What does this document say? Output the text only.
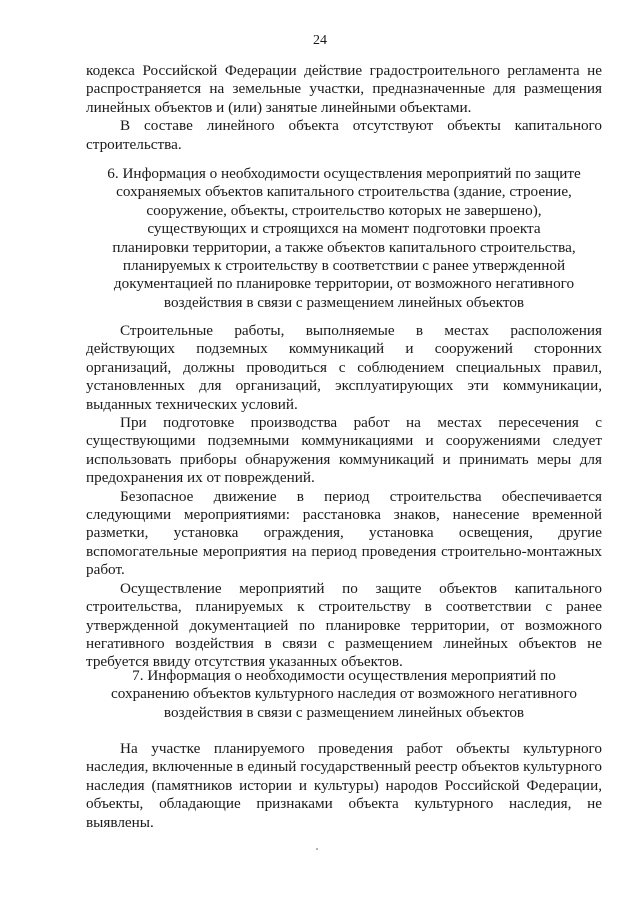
24

кодекса Российской Федерации действие градостроительного регламента не распространяется на земельные участки, предназначенные для размещения линейных объектов и (или) занятые линейными объектами.

В составе линейного объекта отсутствуют объекты капитального строительства.

6. Информация о необходимости осуществления мероприятий по защите
сохраняемых объектов капитального строительства (здание, строение,
сооружение, объекты, строительство которых не завершено),
существующих и строящихся на момент подготовки проекта
планировки территории, а также объектов капитального строительства,
планируемых к строительству в соответствии с ранее утвержденной
документацией по планировке территории, от возможного негативного
воздействия в связи с размещением линейных объектов

Строительные работы, выполняемые в местах расположения действующих подземных коммуникаций и сооружений сторонних организаций, должны проводиться с соблюдением специальных правил, установленных для организаций, эксплуатирующих эти коммуникации, выданных технических условий.

При подготовке производства работ на местах пересечения с существующими подземными коммуникациями и сооружениями следует использовать приборы обнаружения коммуникаций и принимать меры для предохранения их от повреждений.

Безопасное движение в период строительства обеспечивается следующими мероприятиями: расстановка знаков, нанесение временной разметки, установка ограждения, установка освещения, другие вспомогательные мероприятия на период проведения строительно-монтажных работ.

Осуществление мероприятий по защите объектов капитального строительства, планируемых к строительству в соответствии с ранее утвержденной документацией по планировке территории, от возможного негативного воздействия в связи с размещением линейных объектов не требуется ввиду отсутствия указанных объектов.

7. Информация о необходимости осуществления мероприятий по
сохранению объектов культурного наследия от возможного негативного
воздействия в связи с размещением линейных объектов

На участке планируемого проведения работ объекты культурного наследия, включенные в единый государственный реестр объектов культурного наследия (памятников истории и культуры) народов Российской Федерации, объекты, обладающие признаками объекта культурного наследия, не выявлены.
